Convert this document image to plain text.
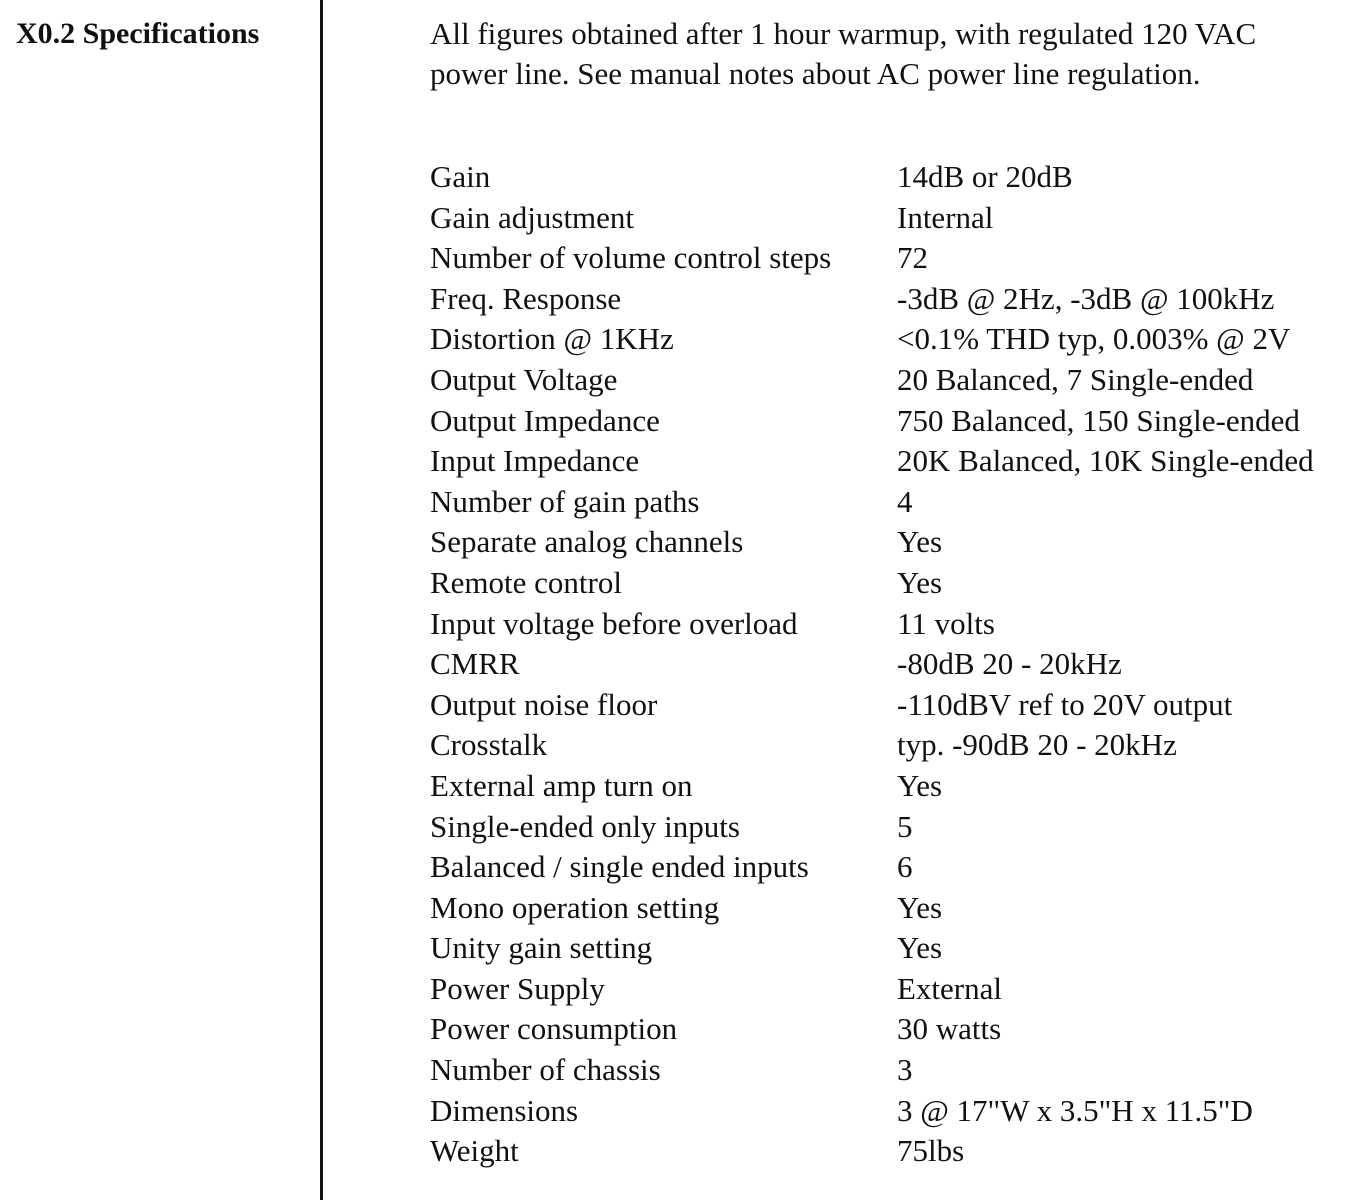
X0.2 Specifications	All figures obtained after 1 hour warmup, with regulated 120 VAC power line. See manual notes about AC power line regulation.

Gain	14dB or 20dB

Gain adjustment	Internal

Number of volume control steps	72

Freq. Response	-3dB @ 2Hz, -3dB @ 100kHz

Distortion @ 1KHz	<0.1% THD typ, 0.003% @ 2V

Output Voltage	20 Balanced, 7 Single-ended

Output Impedance	750 Balanced, 150 Single-ended

Input Impedance	20K Balanced, 10K Single-ended

Number of gain paths	4

Separate analog channels	Yes

Remote control	Yes

Input voltage before overload	11 volts

CMRR	-80dB 20 - 20kHz

Output noise floor	-110dBV ref to 20V output

Crosstalk	typ. -90dB 20 - 20kHz

External amp turn on	Yes

Single-ended only inputs	5

Balanced / single ended inputs	6

Mono operation setting	Yes

Unity gain setting	Yes

Power Supply	External

Power consumption	30 watts

Number of chassis	3

Dimensions	3 @ 17"W x 3.5"H x 11.5"D

Weight	75lbs
